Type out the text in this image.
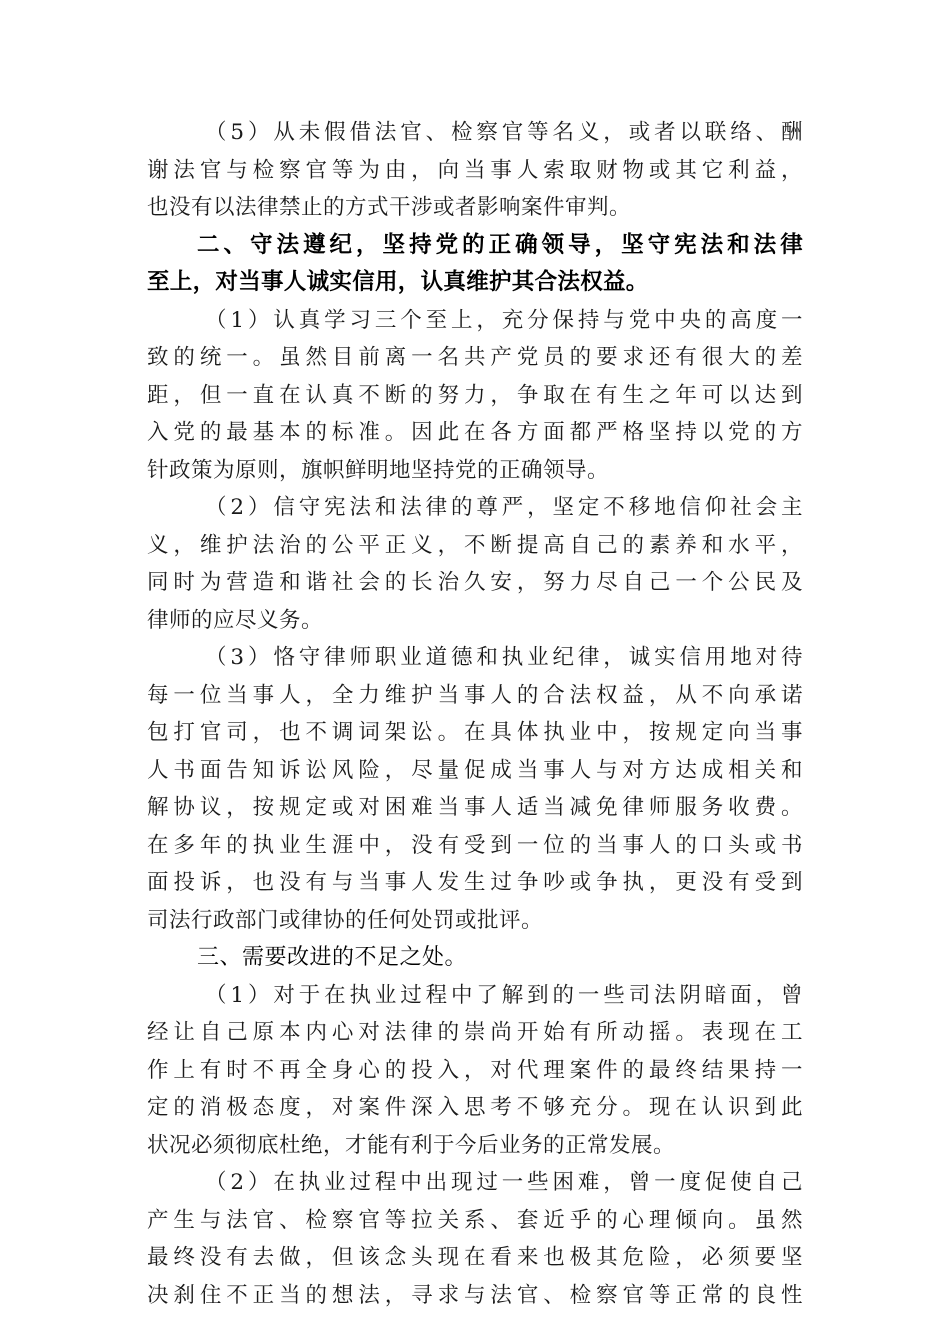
（5）从未假借法官、检察官等名义，或者以联络、酬
谢法官与检察官等为由，向当事人索取财物或其它利益，
也没有以法律禁止的方式干涉或者影响案件审判。
二、守法遵纪，坚持党的正确领导，坚守宪法和法律
至上，对当事人诚实信用，认真维护其合法权益。
（1）认真学习三个至上，充分保持与党中央的高度一
致的统一。虽然目前离一名共产党员的要求还有很大的差
距，但一直在认真不断的努力，争取在有生之年可以达到
入党的最基本的标准。因此在各方面都严格坚持以党的方
针政策为原则，旗帜鲜明地坚持党的正确领导。
（2）信守宪法和法律的尊严，坚定不移地信仰社会主
义，维护法治的公平正义，不断提高自己的素养和水平，
同时为营造和谐社会的长治久安，努力尽自己一个公民及
律师的应尽义务。
（3）恪守律师职业道德和执业纪律，诚实信用地对待
每一位当事人，全力维护当事人的合法权益，从不向承诺
包打官司，也不调词架讼。在具体执业中，按规定向当事
人书面告知诉讼风险，尽量促成当事人与对方达成相关和
解协议，按规定或对困难当事人适当减免律师服务收费。
在多年的执业生涯中，没有受到一位的当事人的口头或书
面投诉，也没有与当事人发生过争吵或争执，更没有受到
司法行政部门或律协的任何处罚或批评。
三、需要改进的不足之处。
（1）对于在执业过程中了解到的一些司法阴暗面，曾
经让自己原本内心对法律的崇尚开始有所动摇。表现在工
作上有时不再全身心的投入，对代理案件的最终结果持一
定的消极态度，对案件深入思考不够充分。现在认识到此
状况必须彻底杜绝，才能有利于今后业务的正常发展。
（2）在执业过程中出现过一些困难，曾一度促使自己
产生与法官、检察官等拉关系、套近乎的心理倾向。虽然
最终没有去做，但该念头现在看来也极其危险，必须要坚
决刹住不正当的想法，寻求与法官、检察官等正常的良性
